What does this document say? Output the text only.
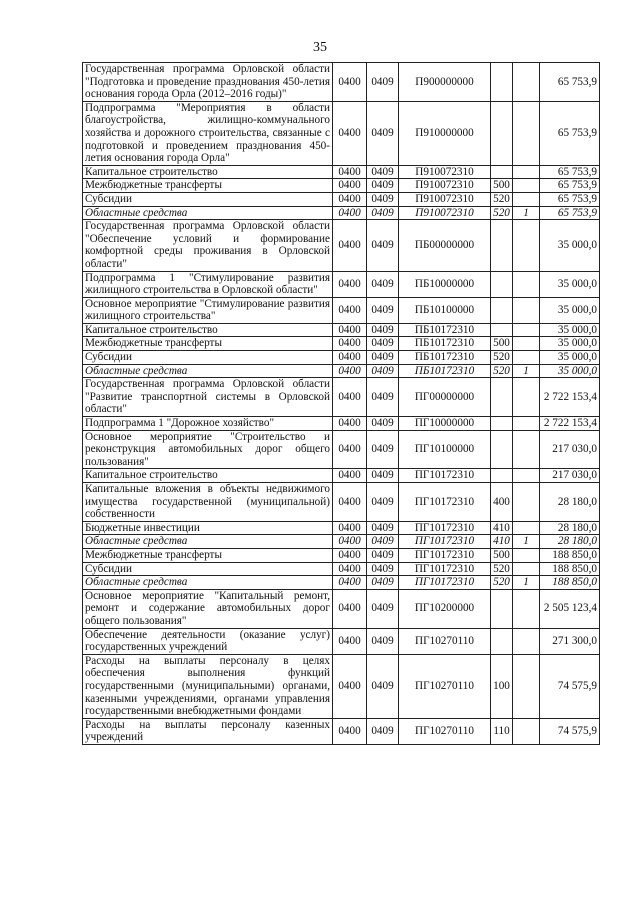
35
Государственная программа Орловской области "Подготовка и проведение празднования 450-летия основания города Орла (2012–2016 годы)"	0400	0409	П900000000			65 753,9
Подпрограмма "Мероприятия в области благоустройства, жилищно-коммунального хозяйства и дорожного строительства, связанные с подготовкой и проведением празднования 450-летия основания города Орла"	0400	0409	П910000000			65 753,9
Капитальное строительство	0400	0409	П910072310			65 753,9
Межбюджетные трансферты	0400	0409	П910072310	500		65 753,9
Субсидии	0400	0409	П910072310	520		65 753,9
Областные средства	0400	0409	П910072310	520	1	65 753,9
Государственная программа Орловской области "Обеспечение условий и формирование комфортной среды проживания в Орловской области"	0400	0409	ПБ00000000			35 000,0
Подпрограмма 1 "Стимулирование развития жилищного строительства в Орловской области"	0400	0409	ПБ10000000			35 000,0
Основное мероприятие "Стимулирование развития жилищного строительства"	0400	0409	ПБ10100000			35 000,0
Капитальное строительство	0400	0409	ПБ10172310			35 000,0
Межбюджетные трансферты	0400	0409	ПБ10172310	500		35 000,0
Субсидии	0400	0409	ПБ10172310	520		35 000,0
Областные средства	0400	0409	ПБ10172310	520	1	35 000,0
Государственная программа Орловской области "Развитие транспортной системы в Орловской области"	0400	0409	ПГ00000000			2 722 153,4
Подпрограмма 1 "Дорожное хозяйство"	0400	0409	ПГ10000000			2 722 153,4
Основное мероприятие "Строительство и реконструкция автомобильных дорог общего пользования"	0400	0409	ПГ10100000			217 030,0
Капитальное строительство	0400	0409	ПГ10172310			217 030,0
Капитальные вложения в объекты недвижимого имущества государственной (муниципальной) собственности	0400	0409	ПГ10172310	400		28 180,0
Бюджетные инвестиции	0400	0409	ПГ10172310	410		28 180,0
Областные средства	0400	0409	ПГ10172310	410	1	28 180,0
Межбюджетные трансферты	0400	0409	ПГ10172310	500		188 850,0
Субсидии	0400	0409	ПГ10172310	520		188 850,0
Областные средства	0400	0409	ПГ10172310	520	1	188 850,0
Основное мероприятие "Капитальный ремонт, ремонт и содержание автомобильных дорог общего пользования"	0400	0409	ПГ10200000			2 505 123,4
Обеспечение деятельности (оказание услуг) государственных учреждений	0400	0409	ПГ10270110			271 300,0
Расходы на выплаты персоналу в целях обеспечения выполнения функций государственными (муниципальными) органами, казенными учреждениями, органами управления государственными внебюджетными фондами	0400	0409	ПГ10270110	100		74 575,9
Расходы на выплаты персоналу казенных учреждений	0400	0409	ПГ10270110	110		74 575,9
